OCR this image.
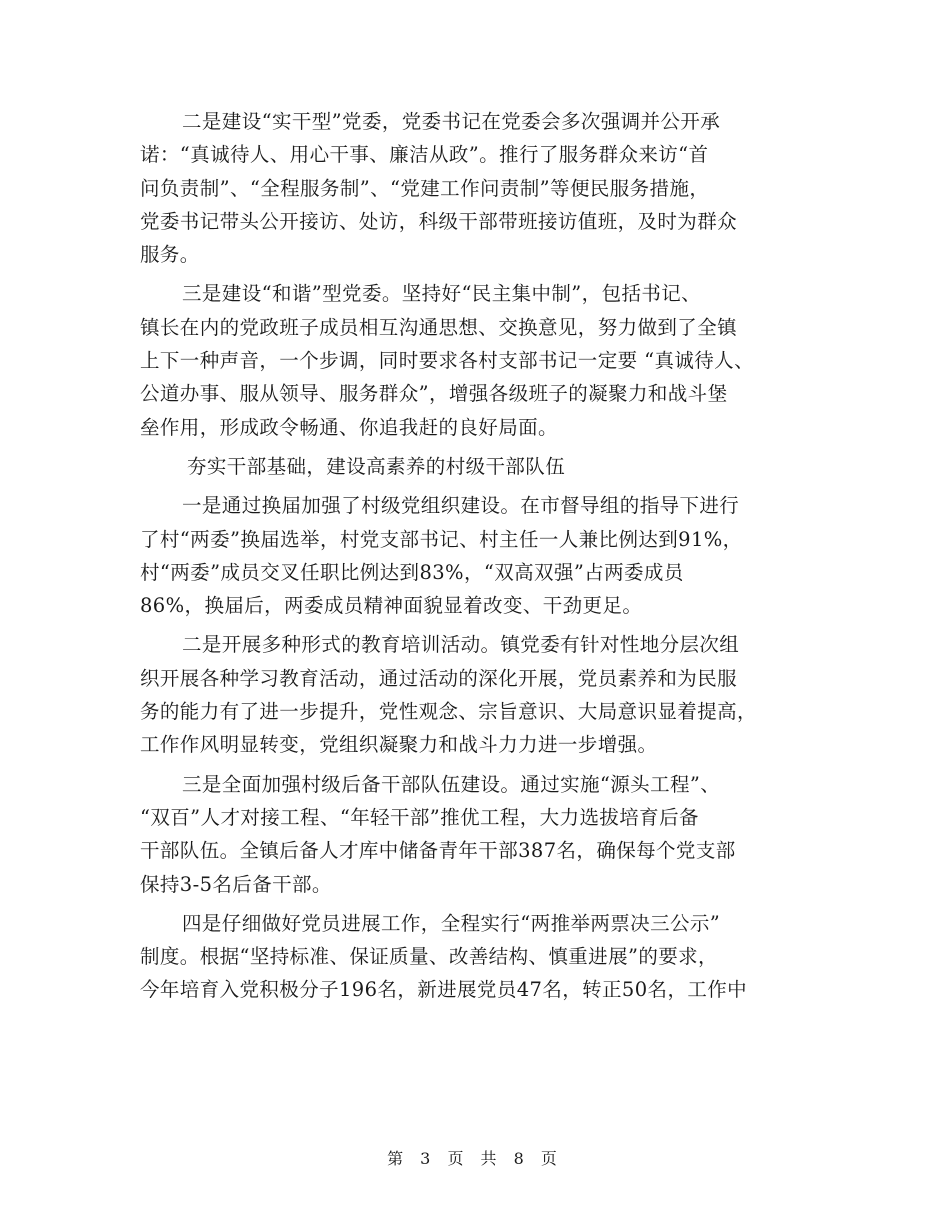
二是建设“实干型”党委，党委书记在党委会多次强调并公开承
诺：“真诚待人、用心干事、廉洁从政”。推行了服务群众来访“首
问负责制”、“全程服务制”、“党建工作问责制”等便民服务措施，
党委书记带头公开接访、处访，科级干部带班接访值班，及时为群众
服务。

三是建设“和谐”型党委。坚持好“民主集中制”，包括书记、
镇长在内的党政班子成员相互沟通思想、交换意见，努力做到了全镇
上下一种声音，一个步调，同时要求各村支部书记一定要 “真诚待人、
公道办事、服从领导、服务群众”，增强各级班子的凝聚力和战斗堡
垒作用，形成政令畅通、你追我赶的良好局面。

夯实干部基础，建设高素养的村级干部队伍

一是通过换届加强了村级党组织建设。在市督导组的指导下进行
了村“两委”换届选举，村党支部书记、村主任一人兼比例达到91%，
村“两委”成员交叉任职比例达到83%，“双高双强”占两委成员
86%，换届后，两委成员精神面貌显着改变、干劲更足。

二是开展多种形式的教育培训活动。镇党委有针对性地分层次组
织开展各种学习教育活动，通过活动的深化开展，党员素养和为民服
务的能力有了进一步提升，党性观念、宗旨意识、大局意识显着提高，
工作作风明显转变，党组织凝聚力和战斗力力进一步增强。

三是全面加强村级后备干部队伍建设。通过实施“源头工程”、
“双百”人才对接工程、“年轻干部”推优工程，大力选拔培育后备
干部队伍。全镇后备人才库中储备青年干部387名，确保每个党支部
保持3-5名后备干部。

四是仔细做好党员进展工作，全程实行“两推举两票决三公示”
制度。根据“坚持标准、保证质量、改善结构、慎重进展”的要求，
今年培育入党积极分子196名，新进展党员47名，转正50名，工作中

第 3 页 共 8 页
